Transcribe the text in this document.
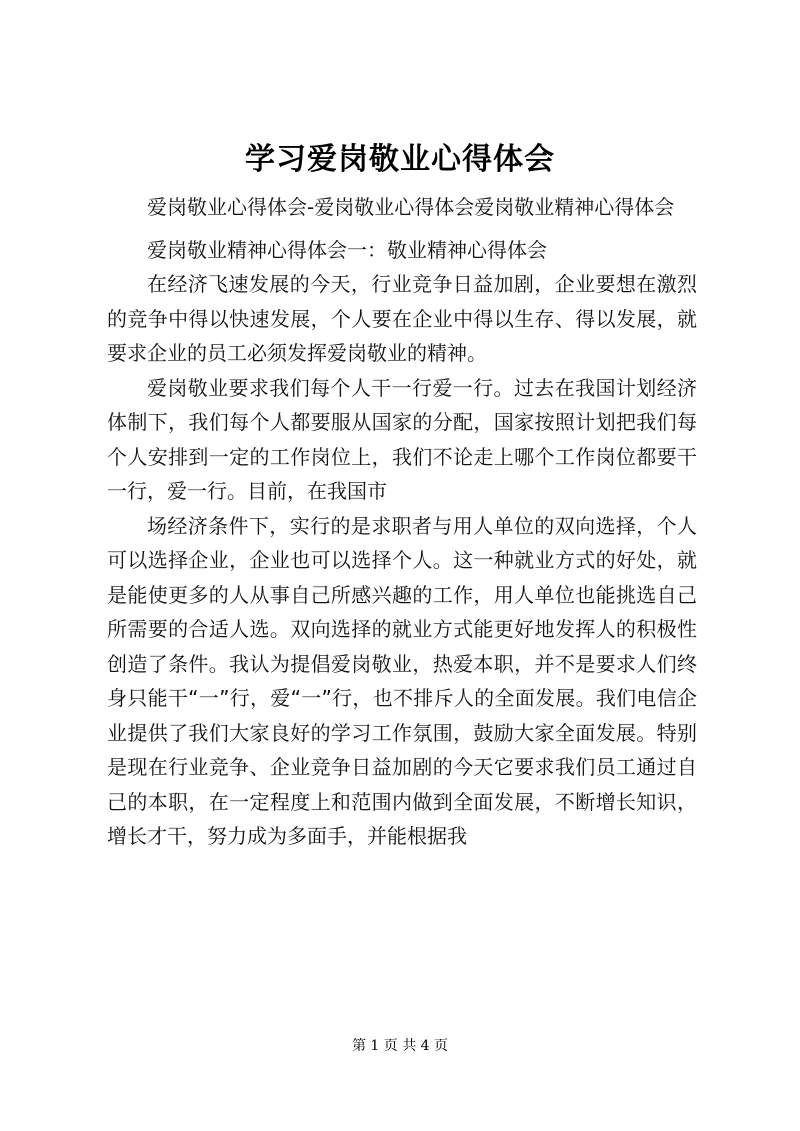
学习爱岗敬业心得体会

爱岗敬业心得体会-爱岗敬业心得体会爱岗敬业精神心得体会

爱岗敬业精神心得体会一：敬业精神心得体会

在经济飞速发展的今天，行业竞争日益加剧，企业要想在激烈的竞争中得以快速发展，个人要在企业中得以生存、得以发展，就要求企业的员工必须发挥爱岗敬业的精神。

爱岗敬业要求我们每个人干一行爱一行。过去在我国计划经济体制下，我们每个人都要服从国家的分配，国家按照计划把我们每个人安排到一定的工作岗位上，我们不论走上哪个工作岗位都要干一行，爱一行。目前，在我国市

场经济条件下，实行的是求职者与用人单位的双向选择，个人可以选择企业，企业也可以选择个人。这一种就业方式的好处，就是能使更多的人从事自己所感兴趣的工作，用人单位也能挑选自己所需要的合适人选。双向选择的就业方式能更好地发挥人的积极性创造了条件。我认为提倡爱岗敬业，热爱本职，并不是要求人们终身只能干“一”行，爱“一”行，也不排斥人的全面发展。我们电信企业提供了我们大家良好的学习工作氛围，鼓励大家全面发展。特别是现在行业竞争、企业竞争日益加剧的今天它要求我们员工通过自己的本职，在一定程度上和范围内做到全面发展，不断增长知识，增长才干，努力成为多面手，并能根据我

第 1 页 共 4 页
